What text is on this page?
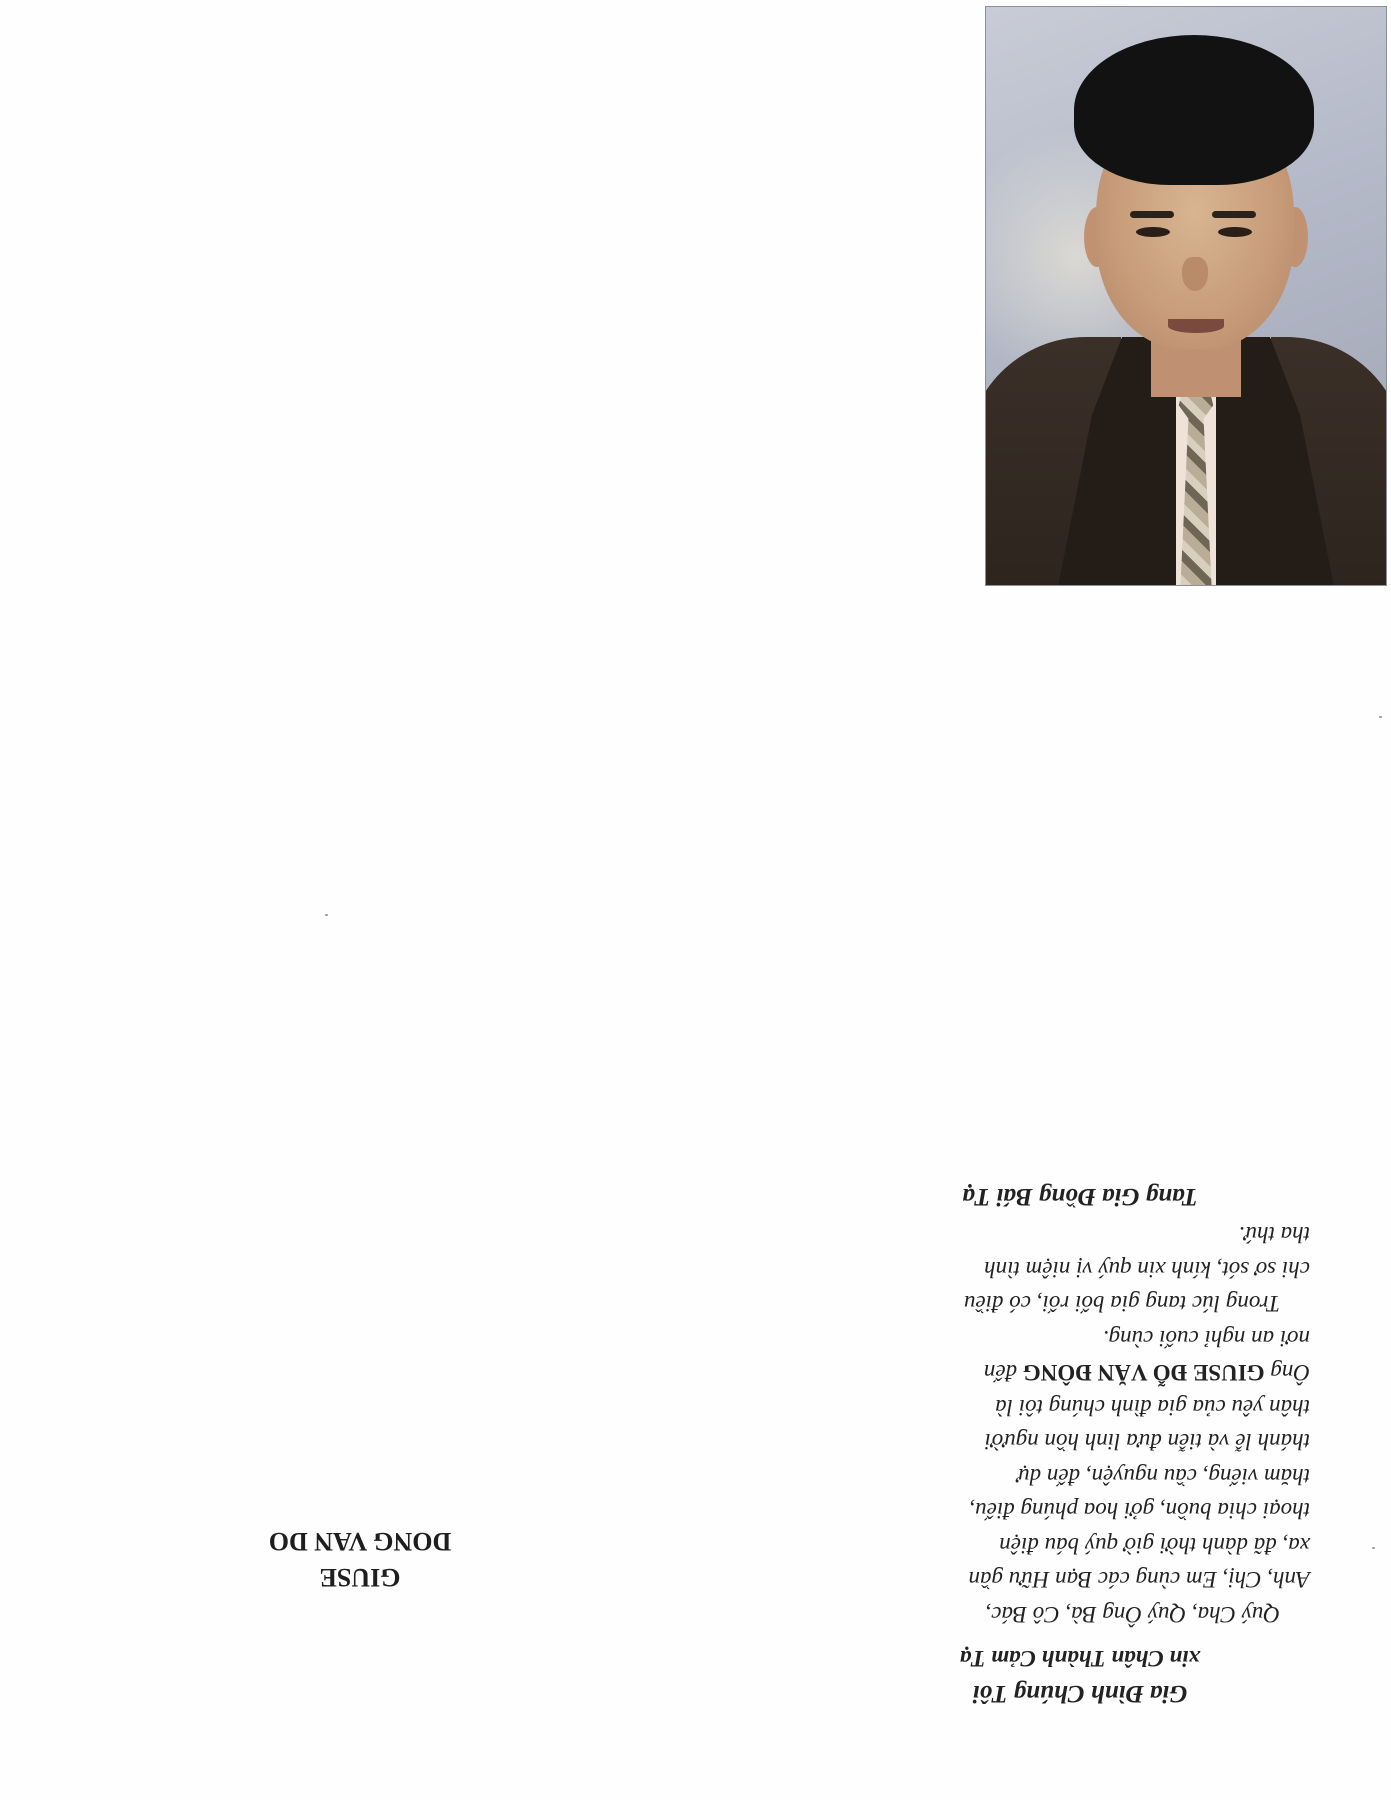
GIUSE
DONG VAN DO

Gia Đình Chúng Tôi

xin Chân Thành Cảm Tạ

Quý Cha, Quý Ông Bà, Cô Bác,

Anh, Chị, Em cùng các Bạn Hữu gần

xa, đã dành thời giờ quý báu điện

thoại chia buồn, gởi hoa phúng điếu,

thăm viếng, cầu nguyện, đến dự

thánh lễ và tiễn đưa linh hồn người

thân yêu của gia đình chúng tôi là

Ông GIUSE ĐỖ VĂN ĐÔNG đến

nơi an nghỉ cuối cùng.

Trong lúc tang gia bối rối, có điều

chi sơ sót, kính xin quý vị niệm tình

tha thứ.

Tang Gia Đồng Bái Tạ
